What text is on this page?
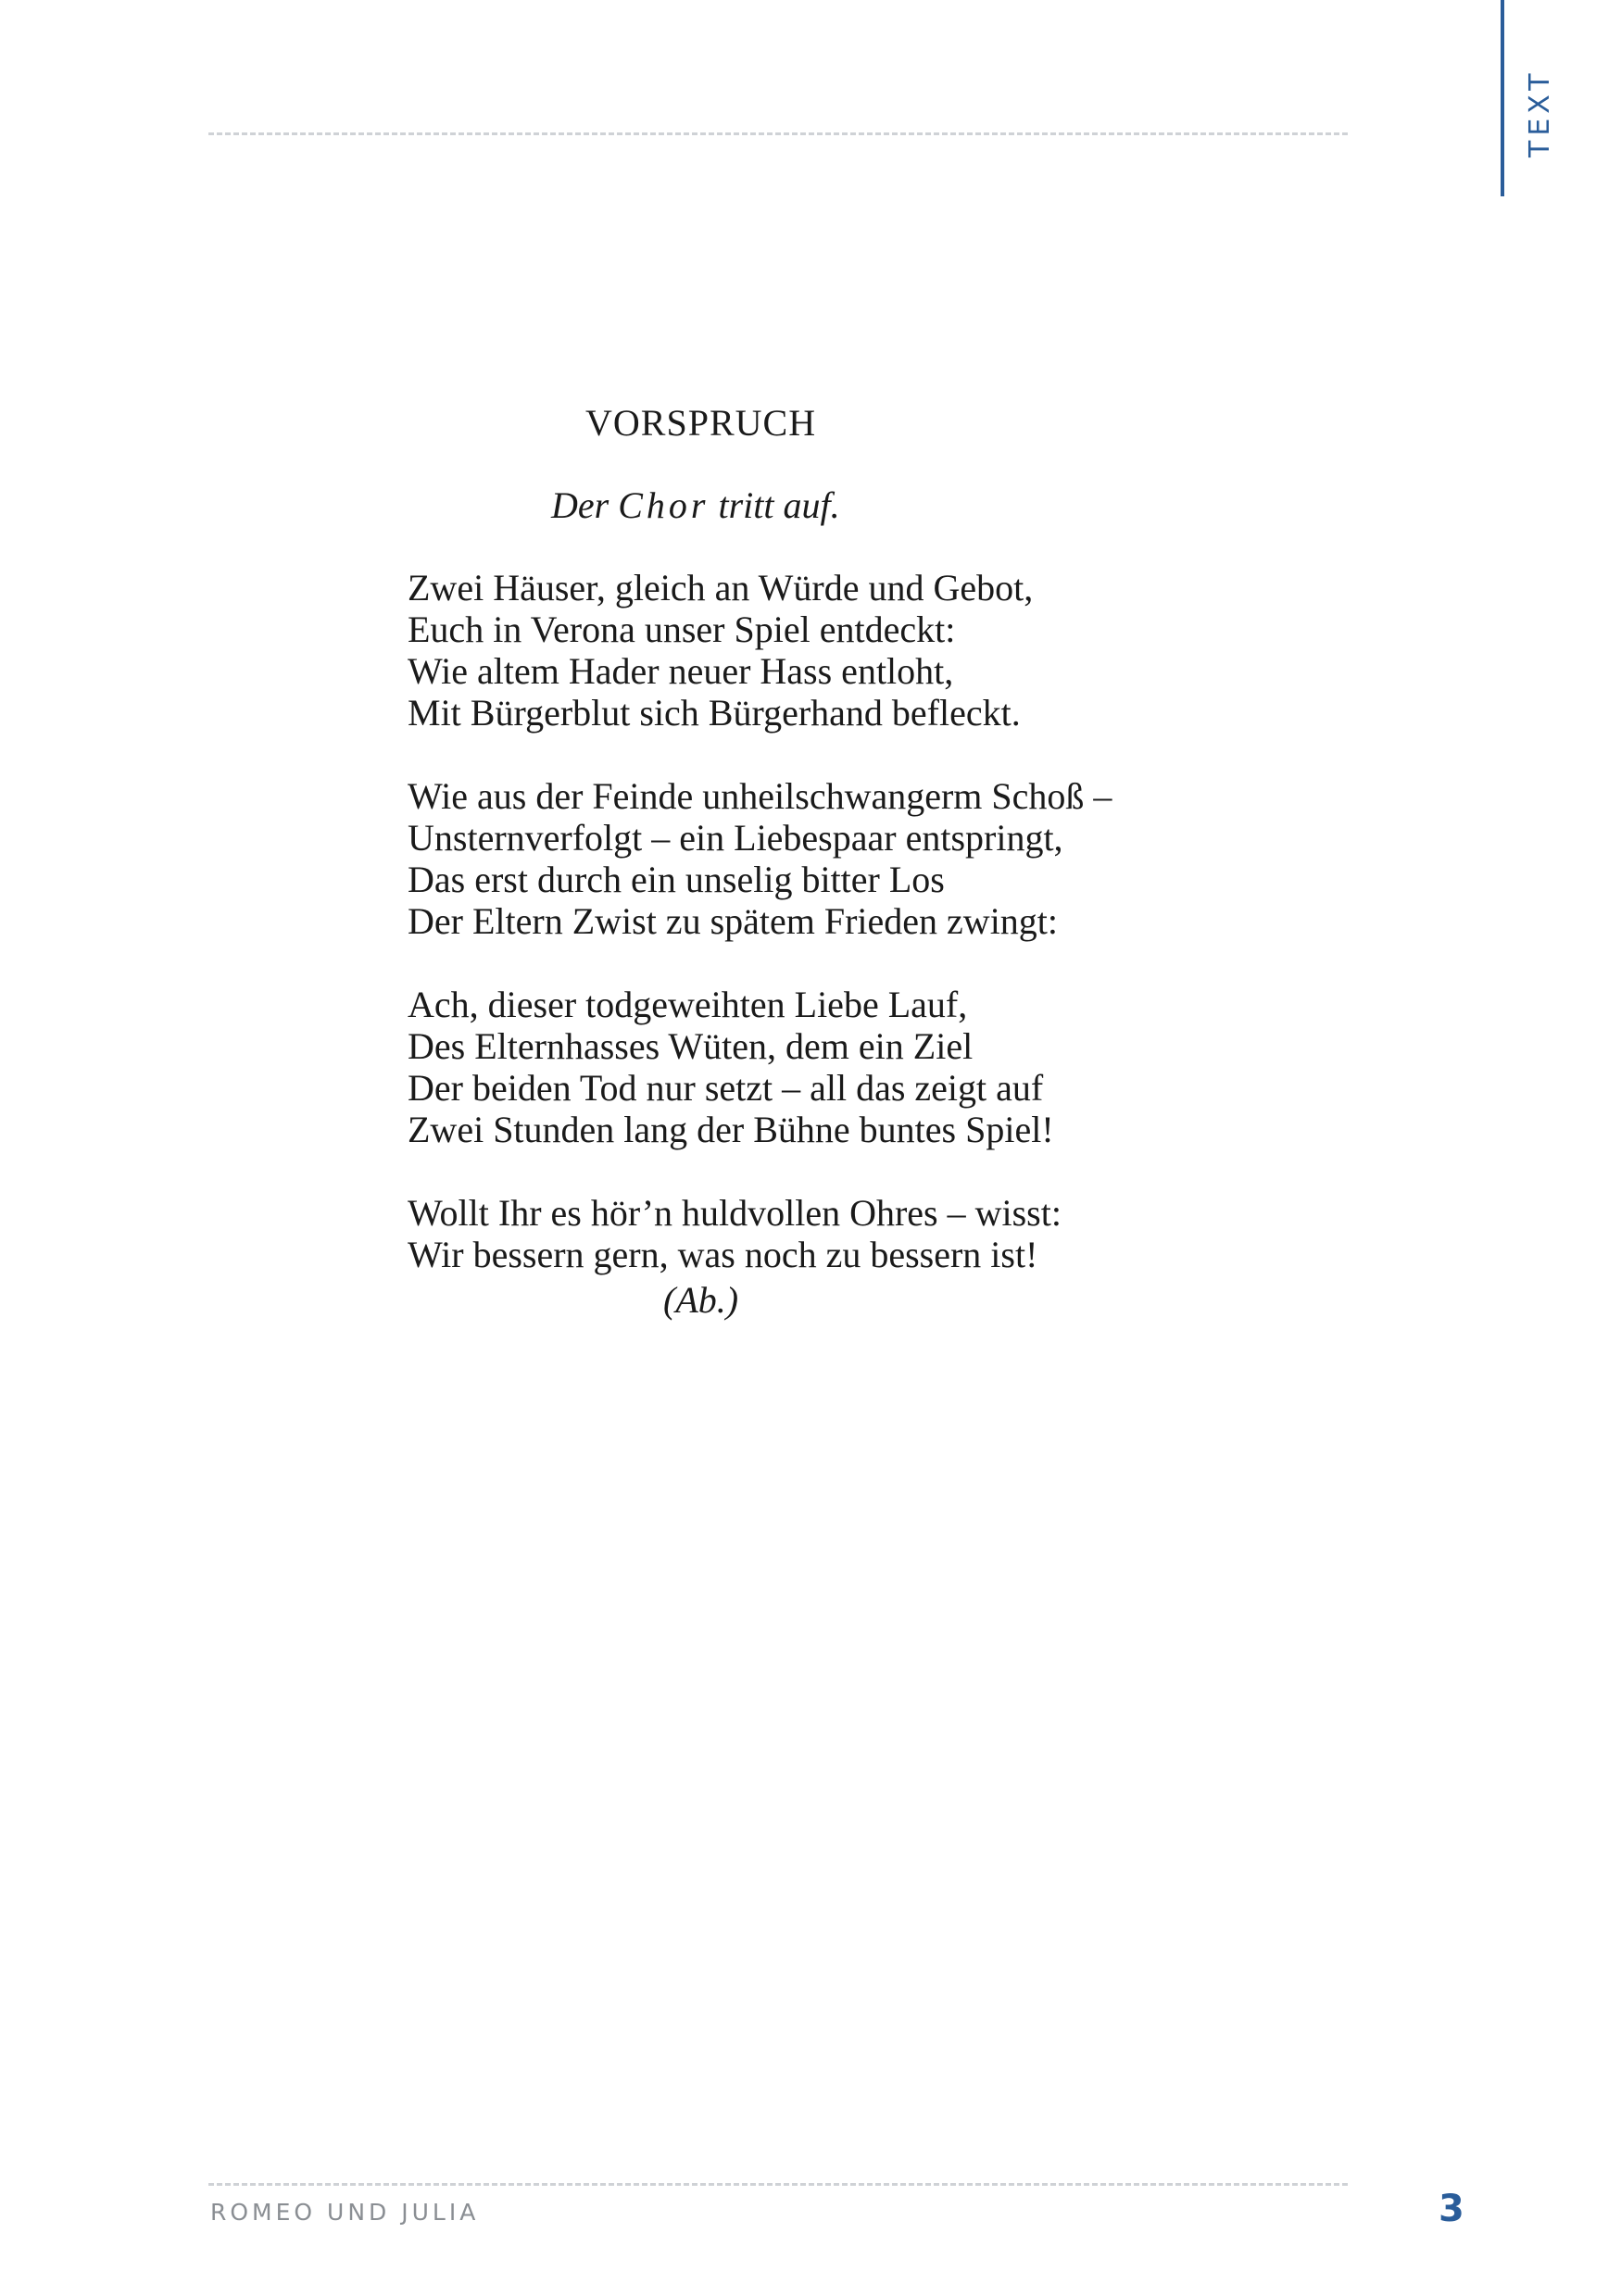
TEXT
VORSPRUCH
Der Chor tritt auf.
Zwei Häuser, gleich an Würde und Gebot,
Euch in Verona unser Spiel entdeckt:
Wie altem Hader neuer Hass entloht,
Mit Bürgerblut sich Bürgerhand befleckt.
Wie aus der Feinde unheilschwangerm Schoß –
Unsternverfolgt – ein Liebespaar entspringt,
Das erst durch ein unselig bitter Los
Der Eltern Zwist zu spätem Frieden zwingt:
Ach, dieser todgeweihten Liebe Lauf,
Des Elternhasses Wüten, dem ein Ziel
Der beiden Tod nur setzt – all das zeigt auf
Zwei Stunden lang der Bühne buntes Spiel!
Wollt Ihr es hör’n huldvollen Ohres – wisst:
Wir bessern gern, was noch zu bessern ist!
(Ab.)
ROMEO UND JULIA	3
